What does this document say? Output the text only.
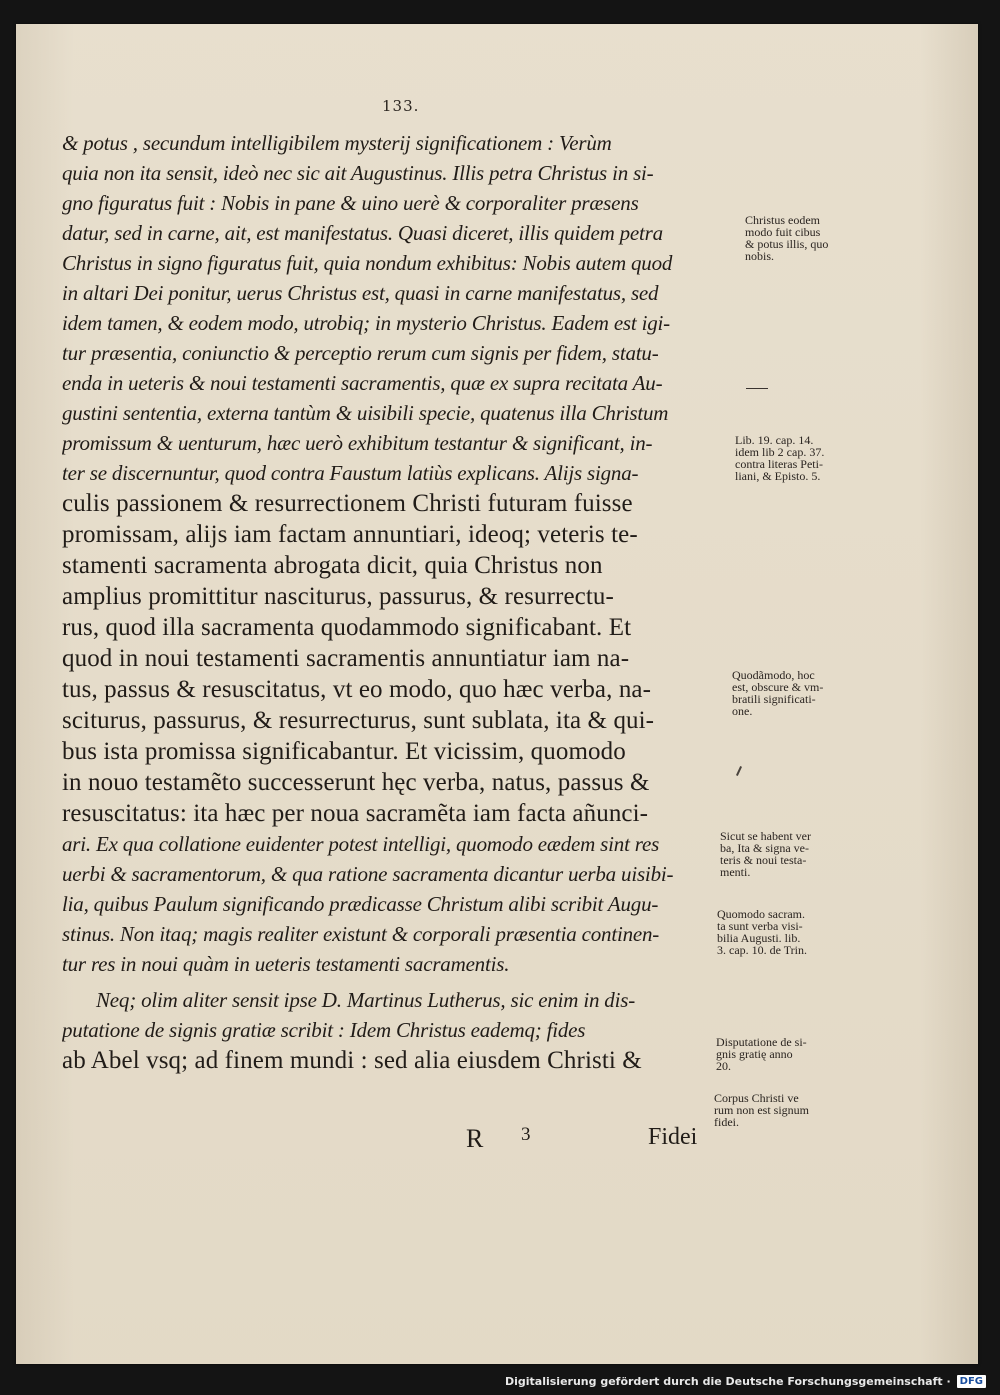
133.
& potus , secundum intelligibilem mysterij significationem : Verùm
quia non ita sensit, ideò nec sic ait Augustinus. Illis petra Christus in si-
gno figuratus fuit : Nobis in pane & uino uerè & corporaliter præsens
datur, sed in carne, ait, est manifestatus. Quasi diceret, illis quidem petra
Christus in signo figuratus fuit, quia nondum exhibitus: Nobis autem quod
in altari Dei ponitur, uerus Christus est, quasi in carne manifestatus, sed
idem tamen, & eodem modo, utrobiq; in mysterio Christus. Eadem est igi-
tur præsentia, coniunctio & perceptio rerum cum signis per fidem, statu-
enda in ueteris & noui testamenti sacramentis, quæ ex supra recitata Au-
gustini sententia, externa tantùm & uisibili specie, quatenus illa Christum
promissum & uenturum, hæc uerò exhibitum testantur & significant, in-
ter se discernuntur, quod contra Faustum latiùs explicans. Alijs signa-
culis passionem & resurrectionem Christi futuram fuisse
promissam, alijs iam factam annuntiari, ideoq; veteris te-
stamenti sacramenta abrogata dicit, quia Christus non
amplius promittitur nasciturus, passurus, & resurrectu-
rus, quod illa sacramenta quodammodo significabant. Et
quod in noui testamenti sacramentis annuntiatur iam na-
tus, passus & resuscitatus, vt eo modo, quo hæc verba, na-
sciturus, passurus, & resurrecturus, sunt sublata, ita & qui-
bus ista promissa significabantur. Et vicissim, quomodo
in nouo testamẽto successerunt hęc verba, natus, passus &
resuscitatus: ita hæc per noua sacramẽta iam facta añunci-
ari. Ex qua collatione euidenter potest intelligi, quomodo eædem sint res
uerbi & sacramentorum, & qua ratione sacramenta dicantur uerba uisibi-
lia, quibus Paulum significando prædicasse Christum alibi scribit Augu-
stinus. Non itaq; magis realiter existunt & corporali præsentia continen-
tur res in noui quàm in ueteris testamenti sacramentis.
Neq; olim aliter sensit ipse D. Martinus Lutherus, sic enim in dis-
putatione de signis gratiæ scribit : Idem Christus eademq; fides
ab Abel vsq; ad finem mundi : sed alia eiusdem Christi &
Christus eodem
modo fuit cibus
& potus illis, quo
nobis.
Lib. 19. cap. 14.
idem lib 2 cap. 37.
contra literas Peti-
liani, & Episto. 5.
Quodãmodo, hoc
est, obscure & vm-
bratili significati-
one.
Sicut se habent ver
ba, Ita & signa ve-
teris & noui testa-
menti.
Quomodo sacram.
ta sunt verba visi-
bilia Augusti. lib.
3. cap. 10. de Trin.
Disputatione de si-
gnis gratię anno
20.
Corpus Christi ve
rum non est signum
fidei.
R 3	Fidei
Digitalisierung gefördert durch die Deutsche Forschungsgemeinschaft · DFG
